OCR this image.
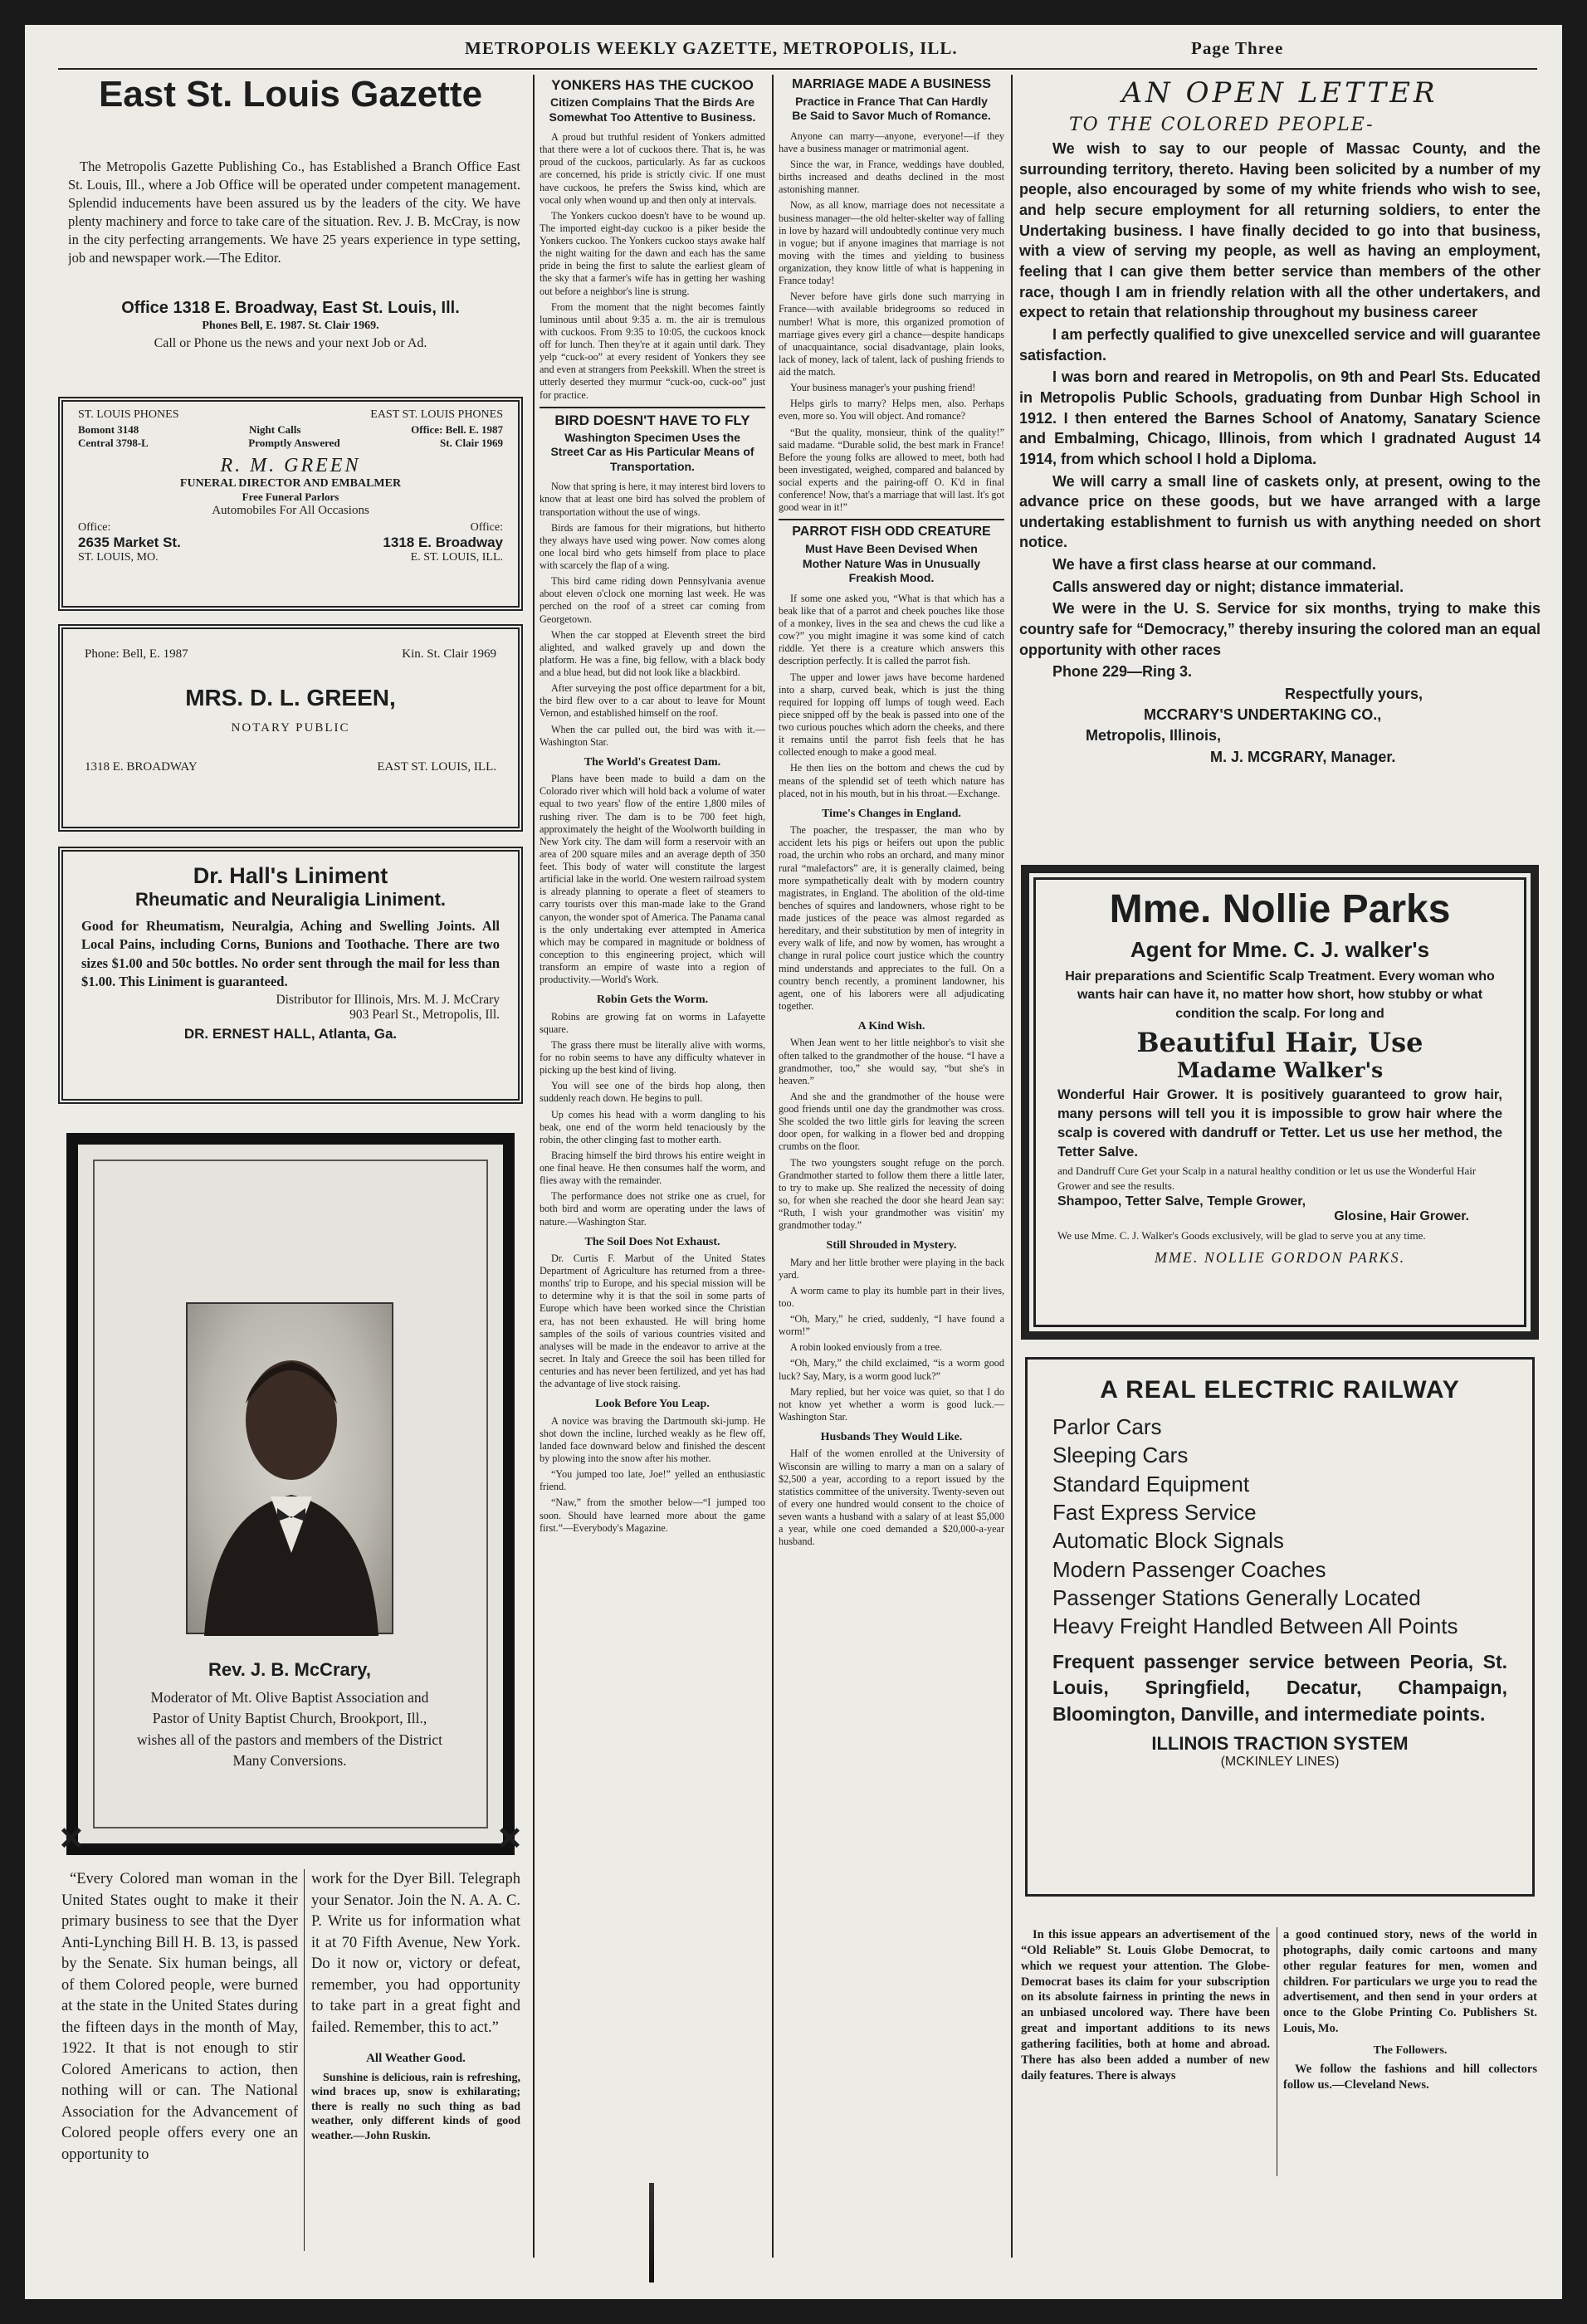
METROPOLIS WEEKLY GAZETTE, METROPOLIS, ILL.	Page Three
East St. Louis Gazette

The Metropolis Gazette Publishing Co., has Established a Branch Office East St. Louis, Ill., where a Job Office will be operated under competent management. Splendid inducements have been assured us by the leaders of the city. We have plenty machinery and force to take care of the situation. Rev. J. B. McCray, is now in the city perfecting arrangements. We have 25 years experience in type setting, job and newspaper work.—The Editor.

Office 1318 E. Broadway, East St. Louis, Ill.
Phones Bell, E. 1987. St. Clair 1969.
Call or Phone us the news and your next Job or Ad.
ST. LOUIS PHONES	EAST ST. LOUIS PHONES
Bomont 3148	Night Calls	Office: Bell. E. 1987
Central 3798-L	Promptly Answered	St. Clair 1969
R. M. GREEN
FUNERAL DIRECTOR AND EMBALMER
Free Funeral Parlors
Automobiles For All Occasions
Office:	Office:
2635 Market St.	1318 E. Broadway
ST. LOUIS, MO.	E. ST. LOUIS, ILL.
Phone: Bell, E. 1987	Kin. St. Clair 1969
MRS. D. L. GREEN,
NOTARY PUBLIC
1318 E. BROADWAY	EAST ST. LOUIS, ILL.
Dr. Hall's Liniment
Rheumatic and Neuraligia Liniment.
Good for Rheumatism, Neuralgia, Aching and Swelling Joints. All Local Pains, including Corns, Bunions and Toothache. There are two sizes $1.00 and 50c bottles. No order sent through the mail for less than $1.00. This Liniment is guaranteed.
Distributor for Illinois, Mrs. M. J. McCrary
903 Pearl St., Metropolis, Ill.
DR. ERNEST HALL, Atlanta, Ga.
Rev. J. B. McCrary,
Moderator of Mt. Olive Baptist Association and Pastor of Unity Baptist Church, Brookport, Ill., wishes all of the pastors and members of the District Many Conversions.
✕	✕

“Every Colored man woman in the United States ought to make it their primary business to see that the Dyer Anti-Lynching Bill H. B. 13, is passed by the Senate. Six human beings, all of them Colored people, were burned at the state in the United States during the fifteen days in the month of May, 1922. It that is not enough to stir Colored Americans to action, then nothing will or can. The National Association for the Advancement of Colored people offers every one an opportunity to

work for the Dyer Bill. Telegraph your Senator. Join the N. A. A. C. P. Write us for information what it at 70 Fifth Avenue, New York. Do it now or, victory or defeat, remember, you had opportunity to take part in a great fight and failed. Remember, this to act.”

All Weather Good.

Sunshine is delicious, rain is refreshing, wind braces up, snow is exhilarating; there is really no such thing as bad weather, only different kinds of good weather.—John Ruskin.

YONKERS HAS THE CUCKOO
Citizen Complains That the Birds Are Somewhat Too Attentive to Business.

A proud but truthful resident of Yonkers admitted that there were a lot of cuckoos there. That is, he was proud of the cuckoos, particularly. As far as cuckoos are concerned, his pride is strictly civic. If one must have cuckoos, he prefers the Swiss kind, which are vocal only when wound up and then only at intervals.

The Yonkers cuckoo doesn't have to be wound up. The imported eight-day cuckoo is a piker beside the Yonkers cuckoo. The Yonkers cuckoo stays awake half the night waiting for the dawn and each has the same pride in being the first to salute the earliest gleam of the sky that a farmer's wife has in getting her washing out before a neighbor's line is strung.

From the moment that the night becomes faintly luminous until about 9:35 a. m. the air is tremulous with cuckoos. From 9:35 to 10:05, the cuckoos knock off for lunch. Then they're at it again until dark. They yelp “cuck-oo” at every resident of Yonkers they see and even at strangers from Peekskill. When the street is utterly deserted they murmur “cuck-oo, cuck-oo” just for practice.

BIRD DOESN'T HAVE TO FLY
Washington Specimen Uses the Street Car as His Particular Means of Transportation.

Now that spring is here, it may interest bird lovers to know that at least one bird has solved the problem of transportation without the use of wings.

Birds are famous for their migrations, but hitherto they always have used wing power. Now comes along one local bird who gets himself from place to place with scarcely the flap of a wing.

This bird came riding down Pennsylvania avenue about eleven o'clock one morning last week. He was perched on the roof of a street car coming from Georgetown.

When the car stopped at Eleventh street the bird alighted, and walked gravely up and down the platform. He was a fine, big fellow, with a black body and a blue head, but did not look like a blackbird.

After surveying the post office department for a bit, the bird flew over to a car about to leave for Mount Vernon, and established himself on the roof.

When the car pulled out, the bird was with it.—Washington Star.

The World's Greatest Dam.

Plans have been made to build a dam on the Colorado river which will hold back a volume of water equal to two years' flow of the entire 1,800 miles of rushing river. The dam is to be 700 feet high, approximately the height of the Woolworth building in New York city. The dam will form a reservoir with an area of 200 square miles and an average depth of 350 feet. This body of water will constitute the largest artificial lake in the world. One western railroad system is already planning to operate a fleet of steamers to carry tourists over this man-made lake to the Grand canyon, the wonder spot of America. The Panama canal is the only undertaking ever attempted in America which may be compared in magnitude or boldness of conception to this engineering project, which will transform an empire of waste into a region of productivity.—World's Work.

Robin Gets the Worm.

Robins are growing fat on worms in Lafayette square.

The grass there must be literally alive with worms, for no robin seems to have any difficulty whatever in picking up the best kind of living.

You will see one of the birds hop along, then suddenly reach down. He begins to pull.

Up comes his head with a worm dangling to his beak, one end of the worm held tenaciously by the robin, the other clinging fast to mother earth.

Bracing himself the bird throws his entire weight in one final heave. He then consumes half the worm, and flies away with the remainder.

The performance does not strike one as cruel, for both bird and worm are operating under the laws of nature.—Washington Star.

The Soil Does Not Exhaust.

Dr. Curtis F. Marbut of the United States Department of Agriculture has returned from a three-months' trip to Europe, and his special mission will be to determine why it is that the soil in some parts of Europe which have been worked since the Christian era, has not been exhausted. He will bring home samples of the soils of various countries visited and analyses will be made in the endeavor to arrive at the secret. In Italy and Greece the soil has been tilled for centuries and has never been fertilized, and yet has had the advantage of live stock raising.

Look Before You Leap.

A novice was braving the Dartmouth ski-jump. He shot down the incline, lurched weakly as he flew off, landed face downward below and finished the descent by plowing into the snow after his mother.

“You jumped too late, Joe!” yelled an enthusiastic friend.

“Naw,” from the smother below—“I jumped too soon. Should have learned more about the game first.”—Everybody's Magazine.

MARRIAGE MADE A BUSINESS
Practice in France That Can Hardly Be Said to Savor Much of Romance.

Anyone can marry—anyone, everyone!—if they have a business manager or matrimonial agent.

Since the war, in France, weddings have doubled, births increased and deaths declined in the most astonishing manner.

Now, as all know, marriage does not necessitate a business manager—the old helter-skelter way of falling in love by hazard will undoubtedly continue very much in vogue; but if anyone imagines that marriage is not moving with the times and yielding to business organization, they know little of what is happening in France today!

Never before have girls done such marrying in France—with available bridegrooms so reduced in number! What is more, this organized promotion of marriage gives every girl a chance—despite handicaps of unacquaintance, social disadvantage, plain looks, lack of money, lack of talent, lack of pushing friends to aid the match.

Your business manager's your pushing friend!

Helps girls to marry? Helps men, also. Perhaps even, more so. You will object. And romance?

“But the quality, monsieur, think of the quality!” said madame. “Durable solid, the best mark in France! Before the young folks are allowed to meet, both had been investigated, weighed, compared and balanced by social experts and the pairing-off O. K'd in final conference! Now, that's a marriage that will last. It's got good wear in it!”

PARROT FISH ODD CREATURE
Must Have Been Devised When Mother Nature Was in Unusually Freakish Mood.

If some one asked you, “What is that which has a beak like that of a parrot and cheek pouches like those of a monkey, lives in the sea and chews the cud like a cow?” you might imagine it was some kind of catch riddle. Yet there is a creature which answers this description perfectly. It is called the parrot fish.

The upper and lower jaws have become hardened into a sharp, curved beak, which is just the thing required for lopping off lumps of tough weed. Each piece snipped off by the beak is passed into one of the two curious pouches which adorn the cheeks, and there it remains until the parrot fish feels that he has collected enough to make a good meal.

He then lies on the bottom and chews the cud by means of the splendid set of teeth which nature has placed, not in his mouth, but in his throat.—Exchange.

Time's Changes in England.

The poacher, the trespasser, the man who by accident lets his pigs or heifers out upon the public road, the urchin who robs an orchard, and many minor rural “malefactors” are, it is generally claimed, being more sympathetically dealt with by modern country magistrates, in England. The abolition of the old-time benches of squires and landowners, whose right to be made justices of the peace was almost regarded as hereditary, and their substitution by men of integrity in every walk of life, and now by women, has wrought a change in rural police court justice which the country mind understands and appreciates to the full. On a country bench recently, a prominent landowner, his agent, one of his laborers were all adjudicating together.

A Kind Wish.

When Jean went to her little neighbor's to visit she often talked to the grandmother of the house. “I have a grandmother, too,” she would say, “but she's in heaven.”

And she and the grandmother of the house were good friends until one day the grandmother was cross. She scolded the two little girls for leaving the screen door open, for walking in a flower bed and dropping crumbs on the floor.

The two youngsters sought refuge on the porch. Grandmother started to follow them there a little later, to try to make up. She realized the necessity of doing so, for when she reached the door she heard Jean say: “Ruth, I wish your grandmother was visitin' my grandmother today.”

Still Shrouded in Mystery.

Mary and her little brother were playing in the back yard.

A worm came to play its humble part in their lives, too.

“Oh, Mary,” he cried, suddenly, “I have found a worm!”

A robin looked enviously from a tree.

“Oh, Mary,” the child exclaimed, “is a worm good luck? Say, Mary, is a worm good luck?”

Mary replied, but her voice was quiet, so that I do not know yet whether a worm is good luck.—Washington Star.

Husbands They Would Like.

Half of the women enrolled at the University of Wisconsin are willing to marry a man on a salary of $2,500 a year, according to a report issued by the statistics committee of the university. Twenty-seven out of every one hundred would consent to the choice of seven wants a husband with a salary of at least $5,000 a year, while one coed demanded a $20,000-a-year husband.

AN OPEN LETTER
TO THE COLORED PEOPLE-

We wish to say to our people of Massac County, and the surrounding territory, thereto. Having been solicited by a number of my people, also encouraged by some of my white friends who wish to see, and help secure employment for all returning soldiers, to enter the Undertaking business. I have finally decided to go into that business, with a view of serving my people, as well as having an employment, feeling that I can give them better service than members of the other race, though I am in friendly relation with all the other undertakers, and expect to retain that relationship throughout my business career

I am perfectly qualified to give unexcelled service and will guarantee satisfaction.

I was born and reared in Metropolis, on 9th and Pearl Sts. Educated in Metropolis Public Schools, graduating from Dunbar High School in 1912. I then entered the Barnes School of Anatomy, Sanatary Science and Embalming, Chicago, Illinois, from which I gradnated August 14 1914, from which school I hold a Diploma.

We will carry a small line of caskets only, at present, owing to the advance price on these goods, but we have arranged with a large undertaking establishment to furnish us with anything needed on short notice.

We have a first class hearse at our command.

Calls answered day or night; distance immaterial.

We were in the U. S. Service for six months, trying to make this country safe for “Democracy,” thereby insuring the colored man an equal opportunity with other races

Phone 229—Ring 3.

Respectfully yours,
MCCRARY'S UNDERTAKING CO.,
Metropolis, Illinois,
M. J. MCGRARY, Manager.
Mme. Nollie Parks
Agent for Mme. C. J. walker's
Hair preparations and Scientific Scalp Treatment. Every woman who wants hair can have it, no matter how short, how stubby or what condition the scalp. For long and
Beautiful Hair, Use
Madame Walker's
Wonderful Hair Grower. It is positively guaranteed to grow hair, many persons will tell you it is impossible to grow hair where the scalp is covered with dandruff or Tetter. Let us use her method, the Tetter Salve.
and Dandruff Cure Get your Scalp in a natural healthy condition or let us use the Wonderful Hair Grower and see the results.
Shampoo, Tetter Salve, Temple Grower,
Glosine, Hair Grower.
We use Mme. C. J. Walker's Goods exclusively, will be glad to serve you at any time.
MME. NOLLIE GORDON PARKS.
A REAL ELECTRIC RAILWAY
Parlor Cars
Sleeping Cars
Standard Equipment
Fast Express Service
Automatic Block Signals
Modern Passenger Coaches
Passenger Stations Generally Located
Heavy Freight Handled Between All Points
Frequent passenger service between Peoria, St. Louis, Springfield, Decatur, Champaign, Bloomington, Danville, and intermediate points.
ILLINOIS TRACTION SYSTEM
(MCKINLEY LINES)

In this issue appears an advertisement of the “Old Reliable” St. Louis Globe Democrat, to which we request your attention. The Globe-Democrat bases its claim for your subscription on its absolute fairness in printing the news in an unbiased uncolored way. There have been great and important additions to its news gathering facilities, both at home and abroad. There has also been added a number of new daily features. There is always

a good continued story, news of the world in photographs, daily comic cartoons and many other regular features for men, women and children. For particulars we urge you to read the advertisement, and then send in your orders at once to the Globe Printing Co. Publishers St. Louis, Mo.

The Followers.

We follow the fashions and hill collectors follow us.—Cleveland News.
